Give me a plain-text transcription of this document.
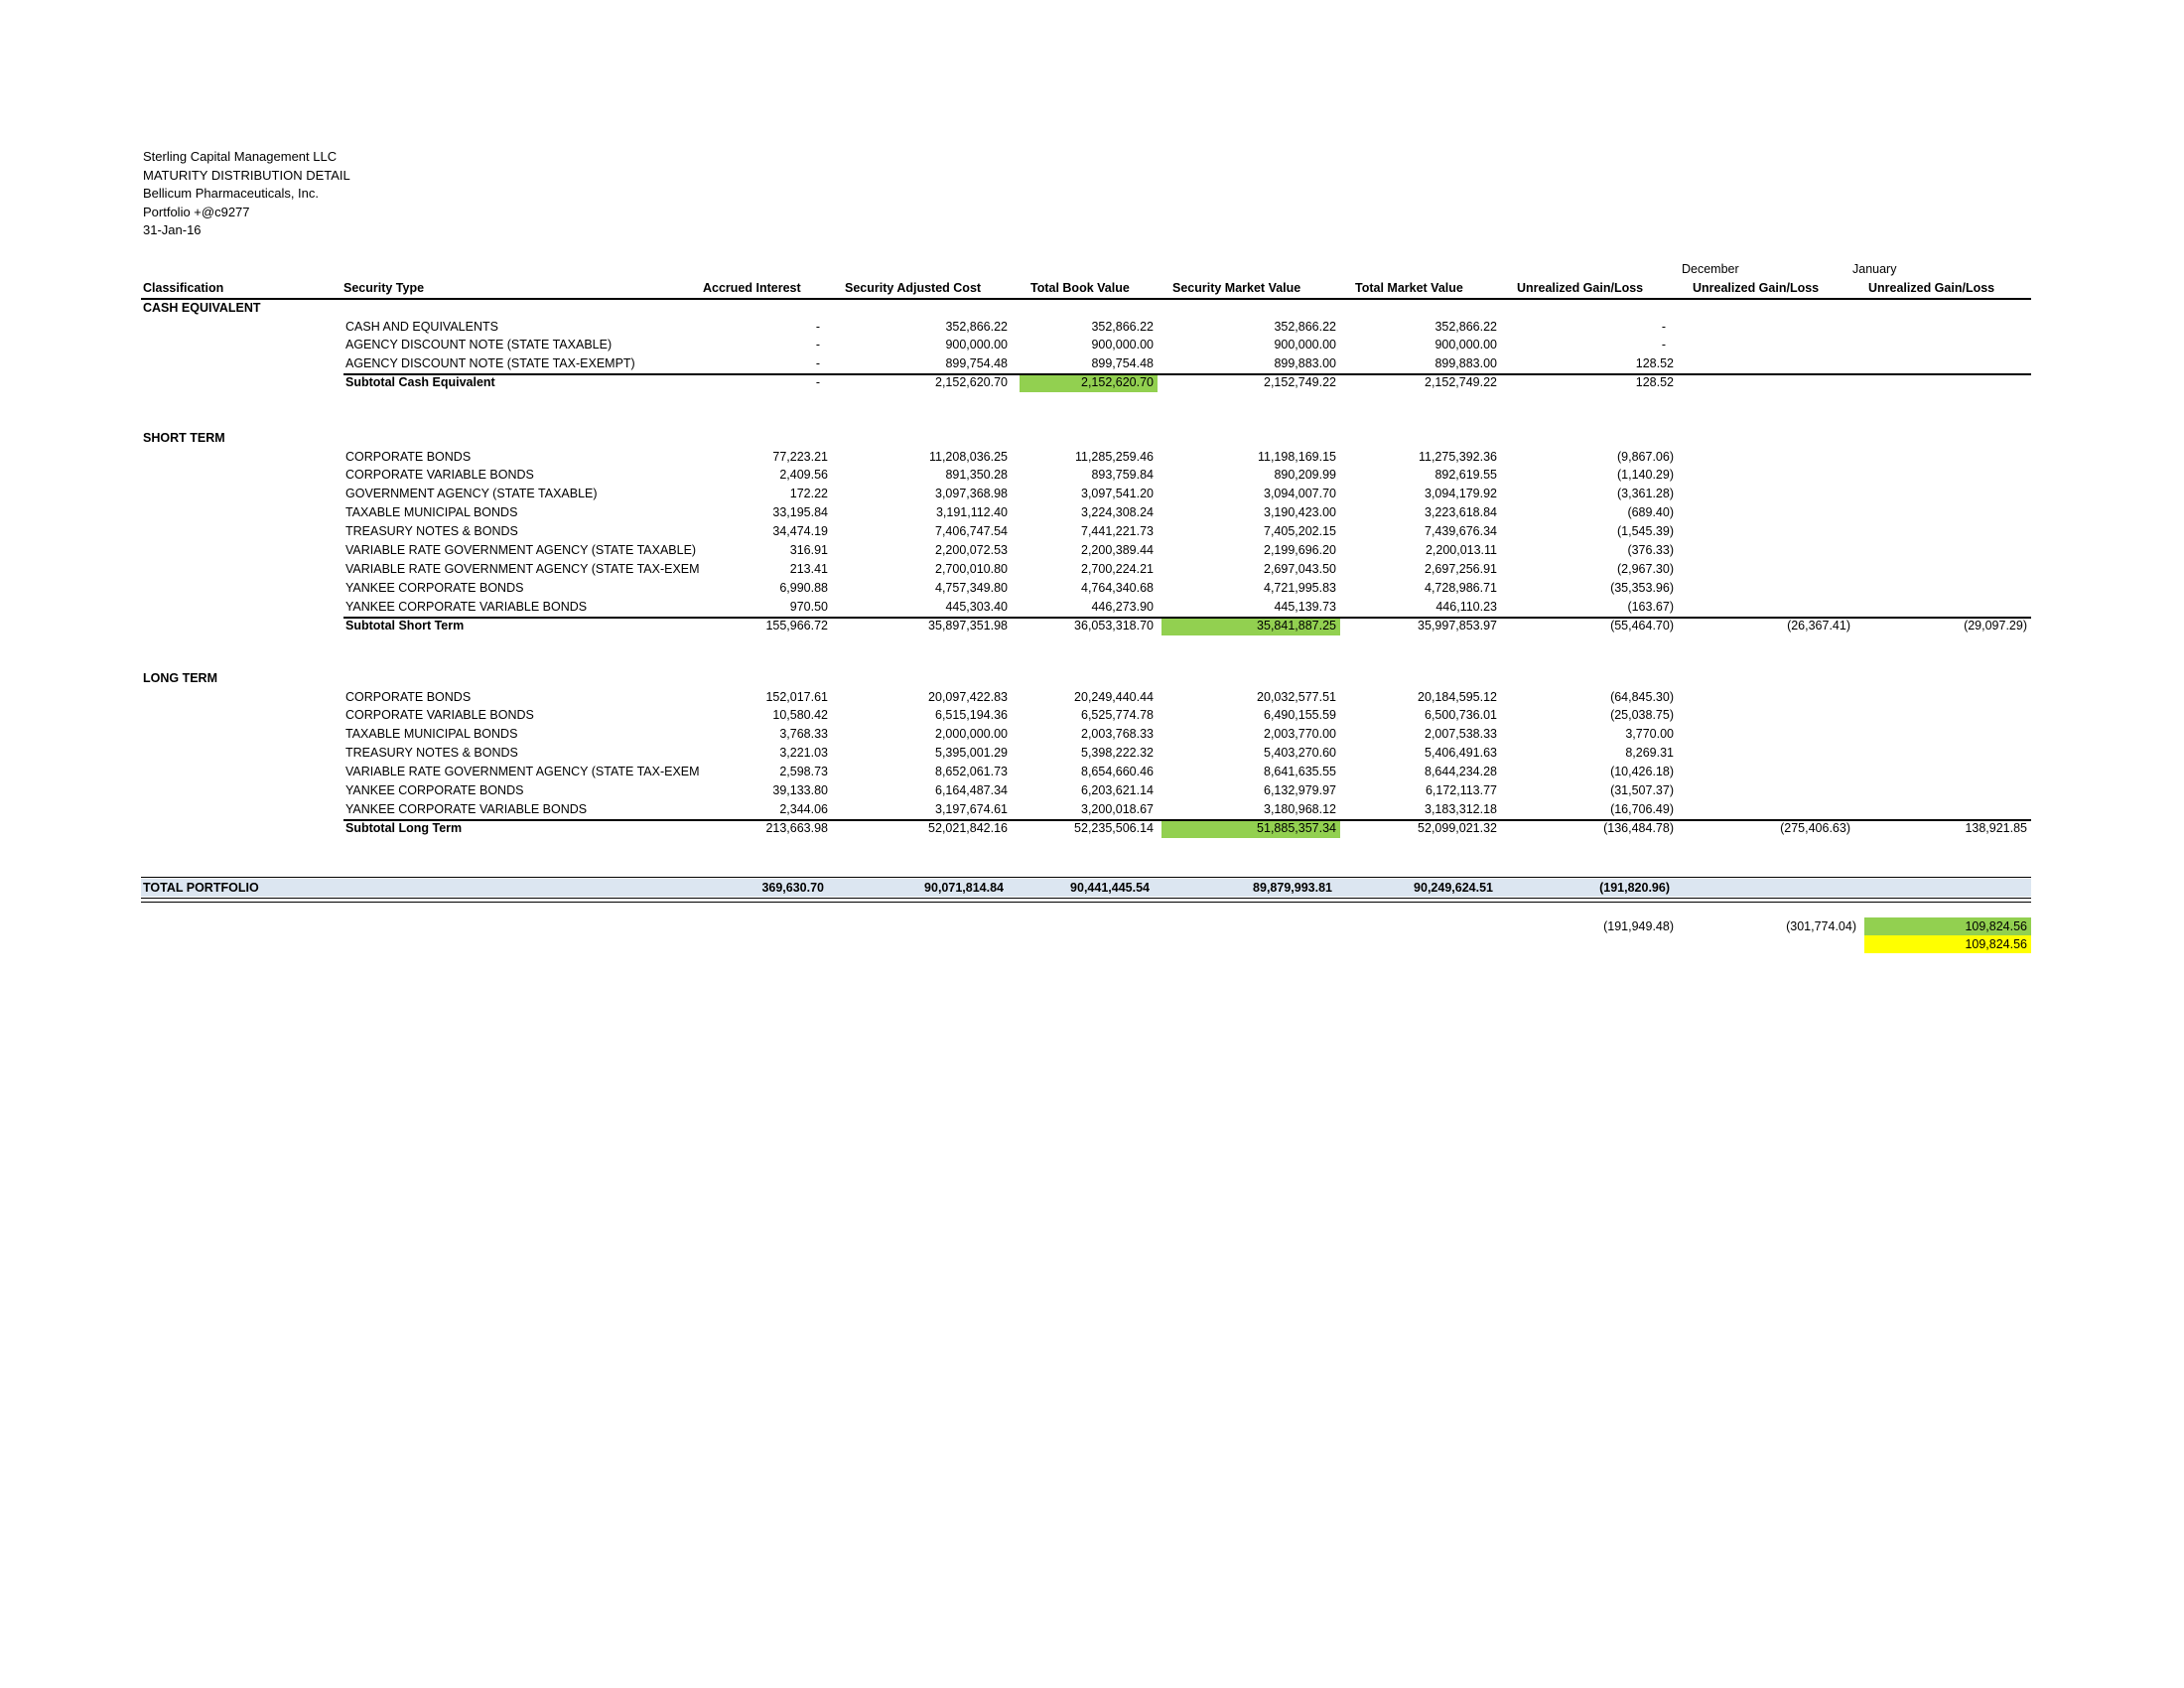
Sterling Capital Management LLC
MATURITY DISTRIBUTION DETAIL
Bellicum Pharmaceuticals, Inc.
Portfolio +@c9277
31-Jan-16
December	January
Classification	Security Type	Accrued Interest	Security Adjusted Cost	Total Book Value	Security Market Value	Total Market Value	Unrealized Gain/Loss	Unrealized Gain/Loss	Unrealized Gain/Loss
CASH EQUIVALENT
CASH AND EQUIVALENTS	-	352,866.22	352,866.22	352,866.22	352,866.22	-
AGENCY DISCOUNT NOTE (STATE TAXABLE)	-	900,000.00	900,000.00	900,000.00	900,000.00	-
AGENCY DISCOUNT NOTE (STATE TAX-EXEMPT)	-	899,754.48	899,754.48	899,883.00	899,883.00	128.52
Subtotal Cash Equivalent	-	2,152,620.70	2,152,620.70	2,152,749.22	2,152,749.22	128.52
SHORT TERM
CORPORATE BONDS	77,223.21	11,208,036.25	11,285,259.46	11,198,169.15	11,275,392.36	(9,867.06)
CORPORATE VARIABLE BONDS	2,409.56	891,350.28	893,759.84	890,209.99	892,619.55	(1,140.29)
GOVERNMENT AGENCY (STATE TAXABLE)	172.22	3,097,368.98	3,097,541.20	3,094,007.70	3,094,179.92	(3,361.28)
TAXABLE MUNICIPAL BONDS	33,195.84	3,191,112.40	3,224,308.24	3,190,423.00	3,223,618.84	(689.40)
TREASURY NOTES & BONDS	34,474.19	7,406,747.54	7,441,221.73	7,405,202.15	7,439,676.34	(1,545.39)
VARIABLE RATE GOVERNMENT AGENCY (STATE TAXABLE)	316.91	2,200,072.53	2,200,389.44	2,199,696.20	2,200,013.11	(376.33)
VARIABLE RATE GOVERNMENT AGENCY (STATE TAX-EXEM	213.41	2,700,010.80	2,700,224.21	2,697,043.50	2,697,256.91	(2,967.30)
YANKEE CORPORATE BONDS	6,990.88	4,757,349.80	4,764,340.68	4,721,995.83	4,728,986.71	(35,353.96)
YANKEE CORPORATE VARIABLE BONDS	970.50	445,303.40	446,273.90	445,139.73	446,110.23	(163.67)
Subtotal Short Term	155,966.72	35,897,351.98	36,053,318.70	35,841,887.25	35,997,853.97	(55,464.70)	(26,367.41)	(29,097.29)
LONG TERM
CORPORATE BONDS	152,017.61	20,097,422.83	20,249,440.44	20,032,577.51	20,184,595.12	(64,845.30)
CORPORATE VARIABLE BONDS	10,580.42	6,515,194.36	6,525,774.78	6,490,155.59	6,500,736.01	(25,038.75)
TAXABLE MUNICIPAL BONDS	3,768.33	2,000,000.00	2,003,768.33	2,003,770.00	2,007,538.33	3,770.00
TREASURY NOTES & BONDS	3,221.03	5,395,001.29	5,398,222.32	5,403,270.60	5,406,491.63	8,269.31
VARIABLE RATE GOVERNMENT AGENCY (STATE TAX-EXEM	2,598.73	8,652,061.73	8,654,660.46	8,641,635.55	8,644,234.28	(10,426.18)
YANKEE CORPORATE BONDS	39,133.80	6,164,487.34	6,203,621.14	6,132,979.97	6,172,113.77	(31,507.37)
YANKEE CORPORATE VARIABLE BONDS	2,344.06	3,197,674.61	3,200,018.67	3,180,968.12	3,183,312.18	(16,706.49)
Subtotal Long Term	213,663.98	52,021,842.16	52,235,506.14	51,885,357.34	52,099,021.32	(136,484.78)	(275,406.63)	138,921.85
TOTAL PORTFOLIO	369,630.70	90,071,814.84	90,441,445.54	89,879,993.81	90,249,624.51	(191,820.96)
(191,949.48)	(301,774.04)	109,824.56
109,824.56
